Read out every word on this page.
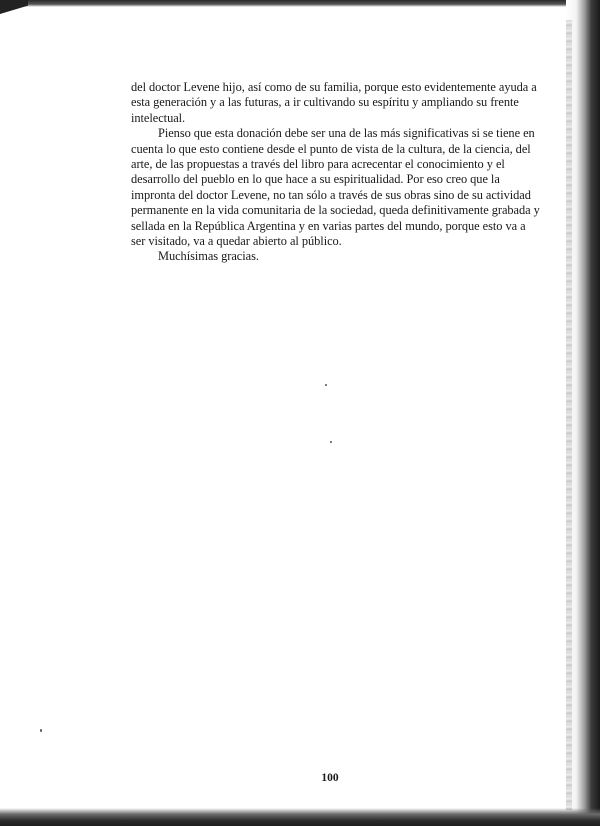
del doctor Levene hijo, así como de su familia, porque esto evidentemente ayuda a esta generación y a las futuras, a ir cultivando su espíritu y ampliando su frente intelectual.

Pienso que esta donación debe ser una de las más significativas si se tiene en cuenta lo que esto contiene desde el punto de vista de la cultura, de la ciencia, del arte, de las propuestas a través del libro para acrecentar el conocimiento y el desarrollo del pueblo en lo que hace a su espiritualidad. Por eso creo que la impronta del doctor Levene, no tan sólo a través de sus obras sino de su actividad permanente en la vida comunitaria de la sociedad, queda definitivamente grabada y sellada en la República Argentina y en varias partes del mundo, porque esto va a ser visitado, va a quedar abierto al público.

Muchísimas gracias.

100
